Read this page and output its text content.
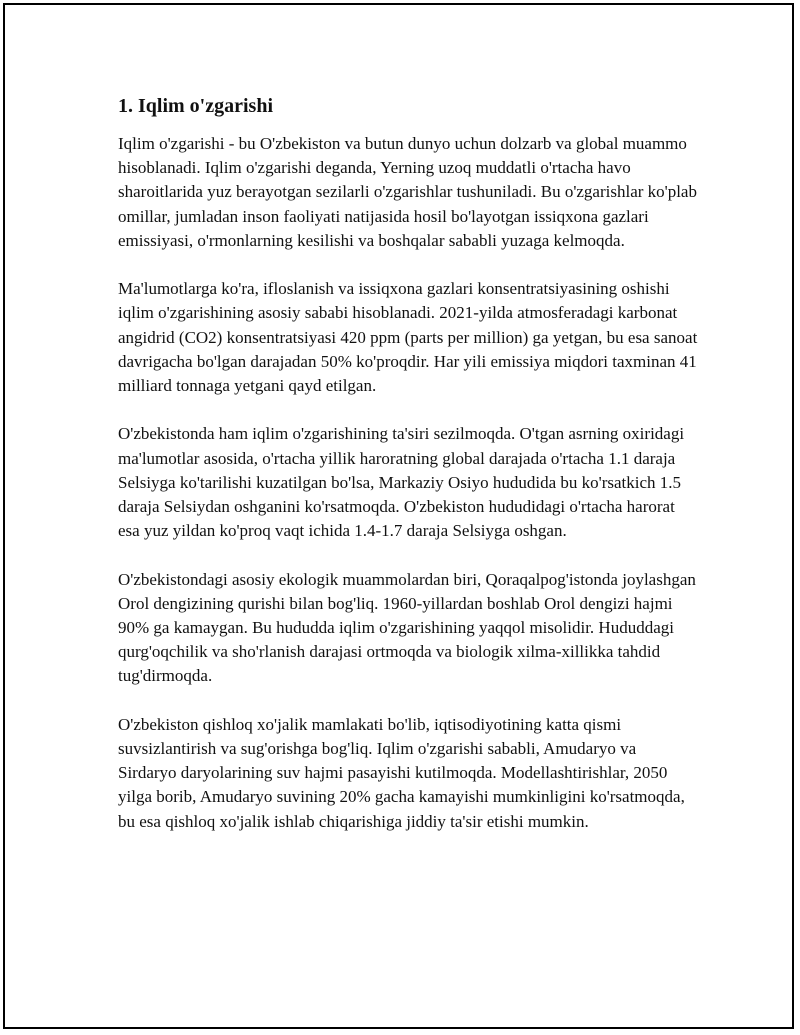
1. Iqlim o'zgarishi

Iqlim o'zgarishi - bu O'zbekiston va butun dunyo uchun dolzarb va global muammo hisoblanadi. Iqlim o'zgarishi deganda, Yerning uzoq muddatli o'rtacha havo sharoitlarida yuz berayotgan sezilarli o'zgarishlar tushuniladi. Bu o'zgarishlar ko'plab omillar, jumladan inson faoliyati natijasida hosil bo'layotgan issiqxona gazlari emissiyasi, o'rmonlarning kesilishi va boshqalar sababli yuzaga kelmoqda.

Ma'lumotlarga ko'ra, ifloslanish va issiqxona gazlari konsentratsiyasining oshishi iqlim o'zgarishining asosiy sababi hisoblanadi. 2021-yilda atmosferadagi karbonat angidrid (CO2) konsentratsiyasi 420 ppm (parts per million) ga yetgan, bu esa sanoat davrigacha bo'lgan darajadan 50% ko'proqdir. Har yili emissiya miqdori taxminan 41 milliard tonnaga yetgani qayd etilgan.

O'zbekistonda ham iqlim o'zgarishining ta'siri sezilmoqda. O'tgan asrning oxiridagi ma'lumotlar asosida, o'rtacha yillik haroratning global darajada o'rtacha 1.1 daraja Selsiyga ko'tarilishi kuzatilgan bo'lsa, Markaziy Osiyo hududida bu ko'rsatkich 1.5 daraja Selsiydan oshganini ko'rsatmoqda. O'zbekiston hududidagi o'rtacha harorat esa yuz yildan ko'proq vaqt ichida 1.4-1.7 daraja Selsiyga oshgan.

O'zbekistondagi asosiy ekologik muammolardan biri, Qoraqalpog'istonda joylashgan Orol dengizining qurishi bilan bog'liq. 1960-yillardan boshlab Orol dengizi hajmi 90% ga kamaygan. Bu hududda iqlim o'zgarishining yaqqol misolidir. Hududdagi qurg'oqchilik va sho'rlanish darajasi ortmoqda va biologik xilma-xillikka tahdid tug'dirmoqda.

O'zbekiston qishloq xo'jalik mamlakati bo'lib, iqtisodiyotining katta qismi suvsizlantirish va sug'orishga bog'liq. Iqlim o'zgarishi sababli, Amudaryo va Sirdaryo daryolarining suv hajmi pasayishi kutilmoqda. Modellashtirishlar, 2050 yilga borib, Amudaryo suvining 20% gacha kamayishi mumkinligini ko'rsatmoqda, bu esa qishloq xo'jalik ishlab chiqarishiga jiddiy ta'sir etishi mumkin.
